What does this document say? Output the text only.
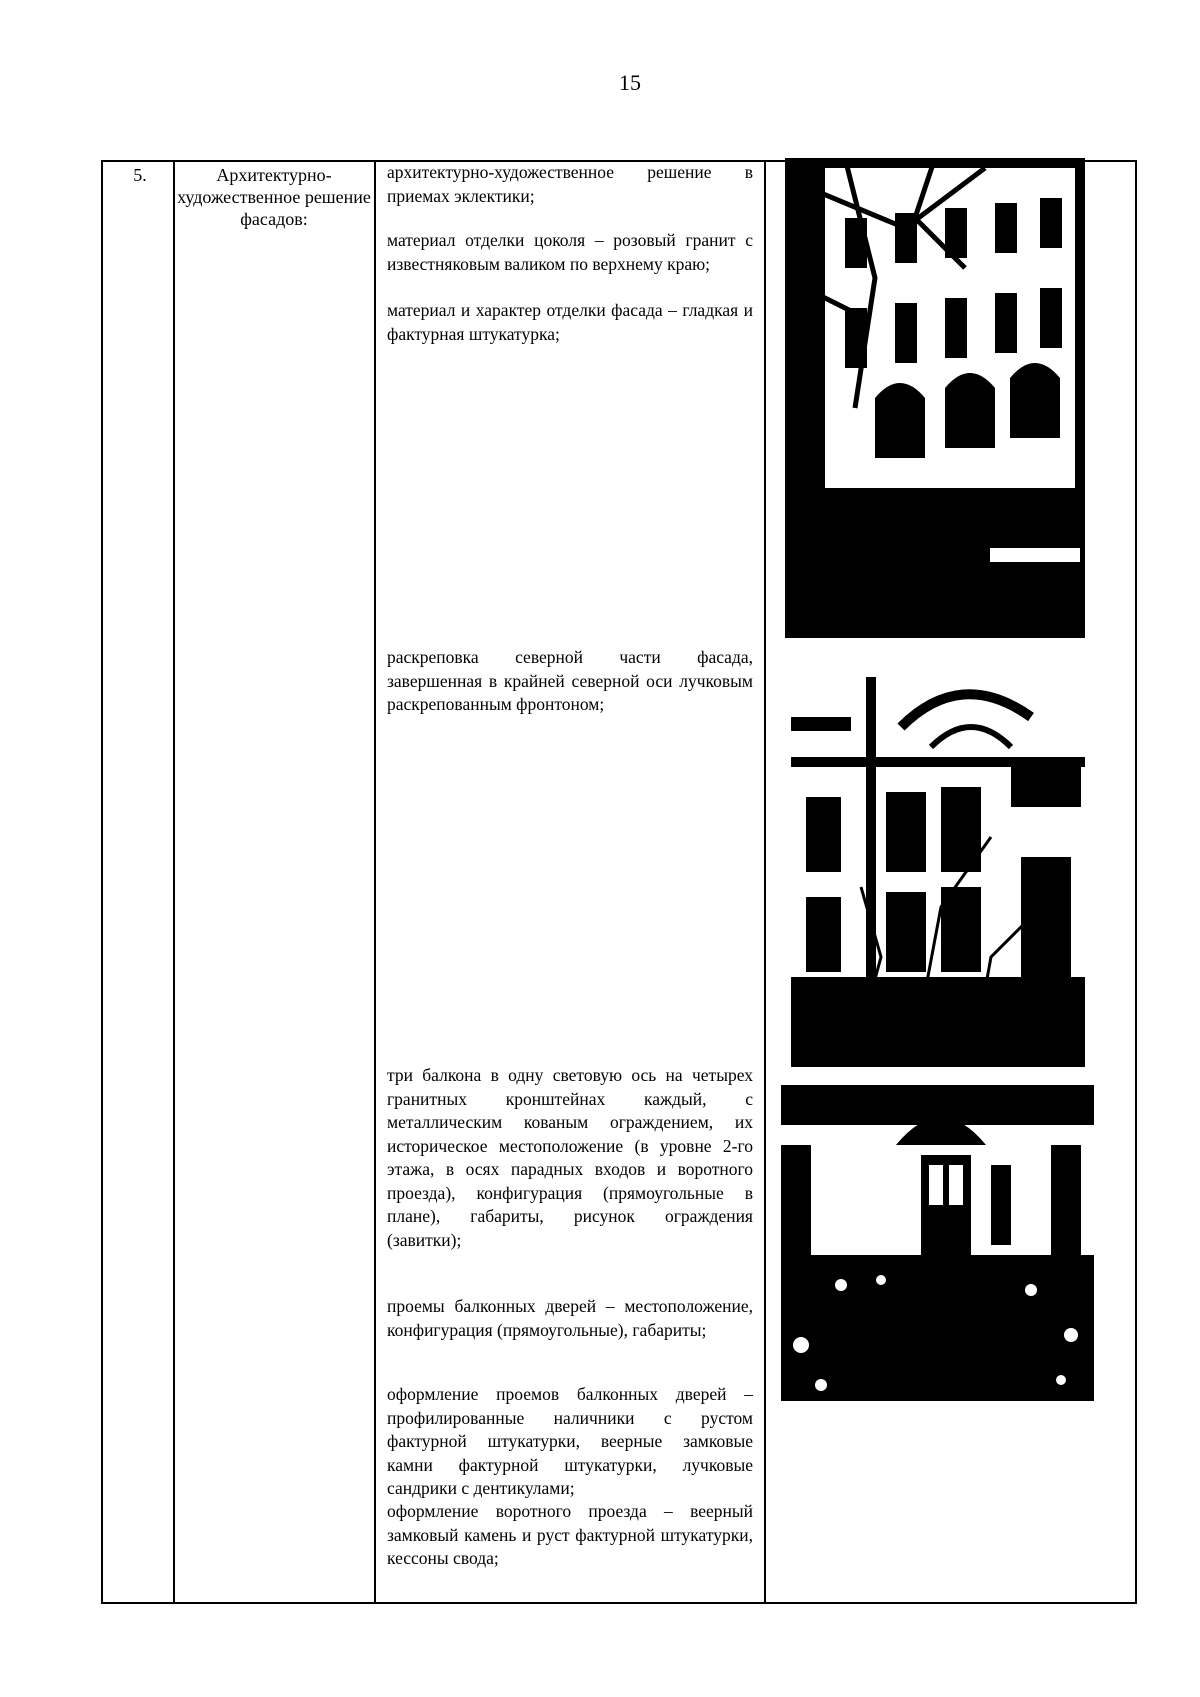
15
5.	Архитектурно-художественное решение фасадов:
архитектурно-художественное решение в приемах эклектики;
материал отделки цоколя – розовый гранит с известняковым валиком по верхнему краю;
материал и характер отделки фасада – гладкая и фактурная штукатурка;
раскреповка северной части фасада, завершенная в крайней северной оси лучковым раскрепованным фронтоном;
три балкона в одну световую ось на четырех гранитных кронштейнах каждый, с металлическим кованым ограждением, их историческое местоположение (в уровне 2-го этажа, в осях парадных входов и воротного проезда), конфигурация (прямоугольные в плане), габариты, рисунок ограждения (завитки);
проемы балконных дверей – местоположение, конфигурация (прямоугольные), габариты;
оформление проемов балконных дверей – профилированные наличники с рустом фактурной штукатурки, веерные замковые камни фактурной штукатурки, лучковые сандрики с дентикулами;
оформление воротного проезда – веерный замковый камень и руст фактурной штукатурки, кессоны свода;
